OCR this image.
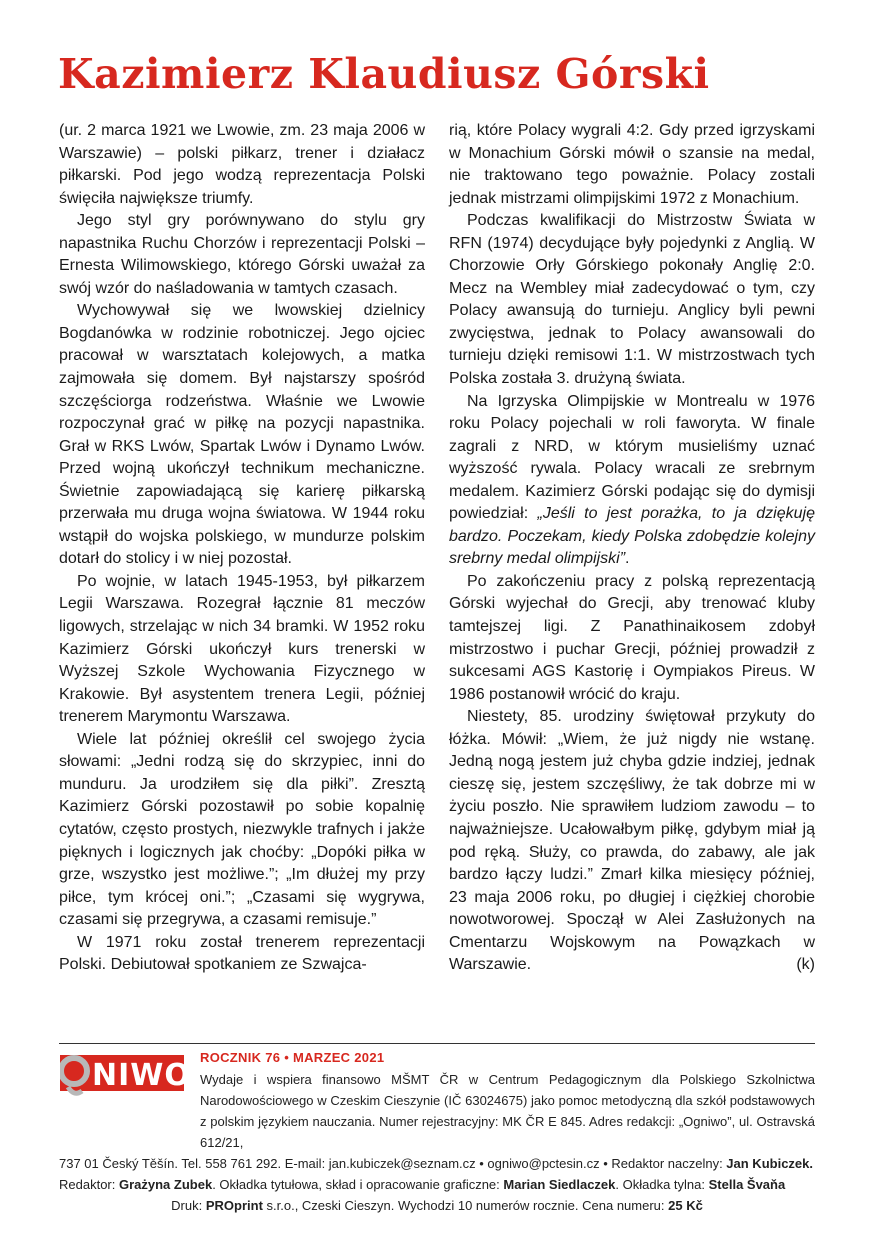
Kazimierz Klaudiusz Górski

(ur. 2 marca 1921 we Lwowie, zm. 23 maja 2006 w Warszawie) – polski piłkarz, trener i działacz piłkarski. Pod jego wodzą reprezentacja Polski święciła największe triumfy.

Jego styl gry porównywano do stylu gry napastnika Ruchu Chorzów i reprezentacji Polski – Ernesta Wilimowskiego, którego Górski uważał za swój wzór do naśladowania w tamtych czasach.

Wychowywał się we lwowskiej dzielnicy Bogdanówka w rodzinie robotniczej. Jego ojciec pracował w warsztatach kolejowych, a matka zajmowała się domem. Był najstarszy spośród szczęściorga rodzeństwa. Właśnie we Lwowie rozpoczynał grać w piłkę na pozycji napastnika. Grał w RKS Lwów, Spartak Lwów i Dynamo Lwów. Przed wojną ukończył technikum mechaniczne. Świetnie zapowiadającą się karierę piłkarską przerwała mu druga wojna światowa. W 1944 roku wstąpił do wojska polskiego, w mundurze polskim dotarł do stolicy i w niej pozostał.

Po wojnie, w latach 1945-1953, był piłkarzem Legii Warszawa. Rozegrał łącznie 81 meczów ligowych, strzelając w nich 34 bramki. W 1952 roku Kazimierz Górski ukończył kurs trenerski w Wyższej Szkole Wychowania Fizycznego w Krakowie. Był asystentem trenera Legii, później trenerem Marymontu Warszawa.

Wiele lat później określił cel swojego życia słowami: „Jedni rodzą się do skrzypiec, inni do munduru. Ja urodziłem się dla piłki”. Zresztą Kazimierz Górski pozostawił po sobie kopalnię cytatów, często prostych, niezwykle trafnych i jakże pięknych i logicznych jak choćby: „Dopóki piłka w grze, wszystko jest możliwe.”; „Im dłużej my przy piłce, tym krócej oni.”; „Czasami się wygrywa, czasami się przegrywa, a czasami remisuje.”

W 1971 roku został trenerem reprezentacji Polski. Debiutował spotkaniem ze Szwajca-

rią, które Polacy wygrali 4:2. Gdy przed igrzyskami w Monachium Górski mówił o szansie na medal, nie traktowano tego poważnie. Polacy zostali jednak mistrzami olimpijskimi 1972 z Monachium.

Podczas kwalifikacji do Mistrzostw Świata w RFN (1974) decydujące były pojedynki z Anglią. W Chorzowie Orły Górskiego pokonały Anglię 2:0. Mecz na Wembley miał zadecydować o tym, czy Polacy awansują do turnieju. Anglicy byli pewni zwycięstwa, jednak to Polacy awansowali do turnieju dzięki remisowi 1:1. W mistrzostwach tych Polska została 3. drużyną świata.

Na Igrzyska Olimpijskie w Montrealu w 1976 roku Polacy pojechali w roli faworyta. W finale zagrali z NRD, w którym musieliśmy uznać wyższość rywala. Polacy wracali ze srebrnym medalem. Kazimierz Górski podając się do dymisji powiedział: „Jeśli to jest porażka, to ja dziękuję bardzo. Poczekam, kiedy Polska zdobędzie kolejny srebrny medal olimpijski”.

Po zakończeniu pracy z polską reprezentacją Górski wyjechał do Grecji, aby trenować kluby tamtejszej ligi. Z Panathinaikosem zdobył mistrzostwo i puchar Grecji, później prowadził z sukcesami AGS Kastorię i Oympiakos Pireus. W 1986 postanowił wrócić do kraju.

Niestety, 85. urodziny świętował przykuty do łóżka. Mówił: „Wiem, że już nigdy nie wstanę. Jedną nogą jestem już chyba gdzie indziej, jednak cieszę się, jestem szczęśliwy, że tak dobrze mi w życiu poszło. Nie sprawiłem ludziom zawodu – to najważniejsze. Ucałowałbym piłkę, gdybym miał ją pod ręką. Służy, co prawda, do zabawy, ale jak bardzo łączy ludzi.” Zmarł kilka miesięcy później, 23 maja 2006 roku, po długiej i ciężkiej chorobie nowotworowej. Spoczął w Alei Zasłużonych na Cmentarzu Wojskowym na Powązkach w Warszawie.	(k)

NIWO
ROCZNIK 76 • MARZEC 2021
Wydaje i wspiera finansowo MŠMT ČR w Centrum Pedagogicznym dla Polskiego Szkolnictwa Narodowościowego w Czeskim Cieszynie (IČ 63024675) jako pomoc metodyczną dla szkół podstawowych z polskim językiem nauczania. Numer rejestracyjny: MK ČR E 845. Adres redakcji: „Ogniwo”, ul. Ostravská 612/21,
737 01 Český Těšín. Tel. 558 761 292. E-mail: jan.kubiczek@seznam.cz • ogniwo@pctesin.cz • Redaktor naczelny: Jan Kubiczek.
Redaktor: Grażyna Zubek. Okładka tytułowa, skład i opracowanie graficzne: Marian Siedlaczek. Okładka tylna: Stella Švaňa
Druk: PROprint s.r.o., Czeski Cieszyn. Wychodzi 10 numerów rocznie. Cena numeru: 25 Kč
